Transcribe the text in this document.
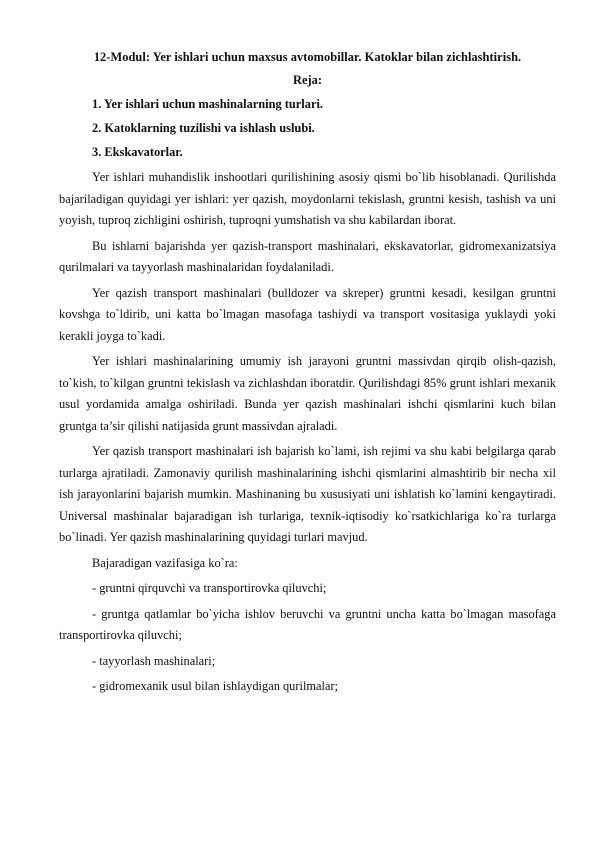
12-Modul: Yer ishlari uchun maxsus avtomobillar. Katoklar bilan zichlashtirish.

Reja:

1. Yer ishlari uchun mashinalarning turlari.

2. Katoklarning tuzilishi va ishlash uslubi.

3. Ekskavatorlar.

Yer ishlari muhandislik inshootlari qurilishining asosiy qismi bo`lib hisoblanadi. Qurilishda bajariladigan quyidagi yer ishlari: yer qazish, moydonlarni tekislash, gruntni kesish, tashish va uni yoyish, tuproq zichligini oshirish, tuproqni yumshatish va shu kabilardan iborat.

Bu ishlarni bajarishda yer qazish-transport mashinalari, ekskavatorlar, gidromexanizatsiya qurilmalari va tayyorlash mashinalaridan foydalaniladi.

Yer qazish transport mashinalari (bulldozer va skreper) gruntni kesadi, kesilgan gruntni kovshga to`ldirib, uni katta bo`lmagan masofaga tashiydi va transport vositasiga yuklaydi yoki kerakli joyga to`kadi.

Yer ishlari mashinalarining umumiy ish jarayoni gruntni massivdan qirqib olish-qazish, to`kish, to`kilgan gruntni tekislash va zichlashdan iboratdir. Qurilishdagi 85% grunt ishlari mexanik usul yordamida amalga oshiriladi. Bunda yer qazish mashinalari ishchi qismlarini kuch bilan gruntga ta’sir qilishi natijasida grunt massivdan ajraladi.

Yer qazish transport mashinalari ish bajarish ko`lami, ish rejimi va shu kabi belgilarga qarab turlarga ajratiladi. Zamonaviy qurilish mashinalarining ishchi qismlarini almashtirib bir necha xil ish jarayonlarini bajarish mumkin. Mashinaning bu xususiyati uni ishlatish ko`lamini kengaytiradi. Universal mashinalar bajaradigan ish turlariga, texnik-iqtisodiy ko`rsatkichlariga ko`ra turlarga bo`linadi. Yer qazish mashinalarining quyidagi turlari mavjud.

Bajaradigan vazifasiga ko`ra:

- gruntni qirquvchi va transportirovka qiluvchi;

- gruntga qatlamlar bo`yicha ishlov beruvchi va gruntni uncha katta bo`lmagan masofaga transportirovka qiluvchi;

- tayyorlash mashinalari;

- gidromexanik usul bilan ishlaydigan qurilmalar;
